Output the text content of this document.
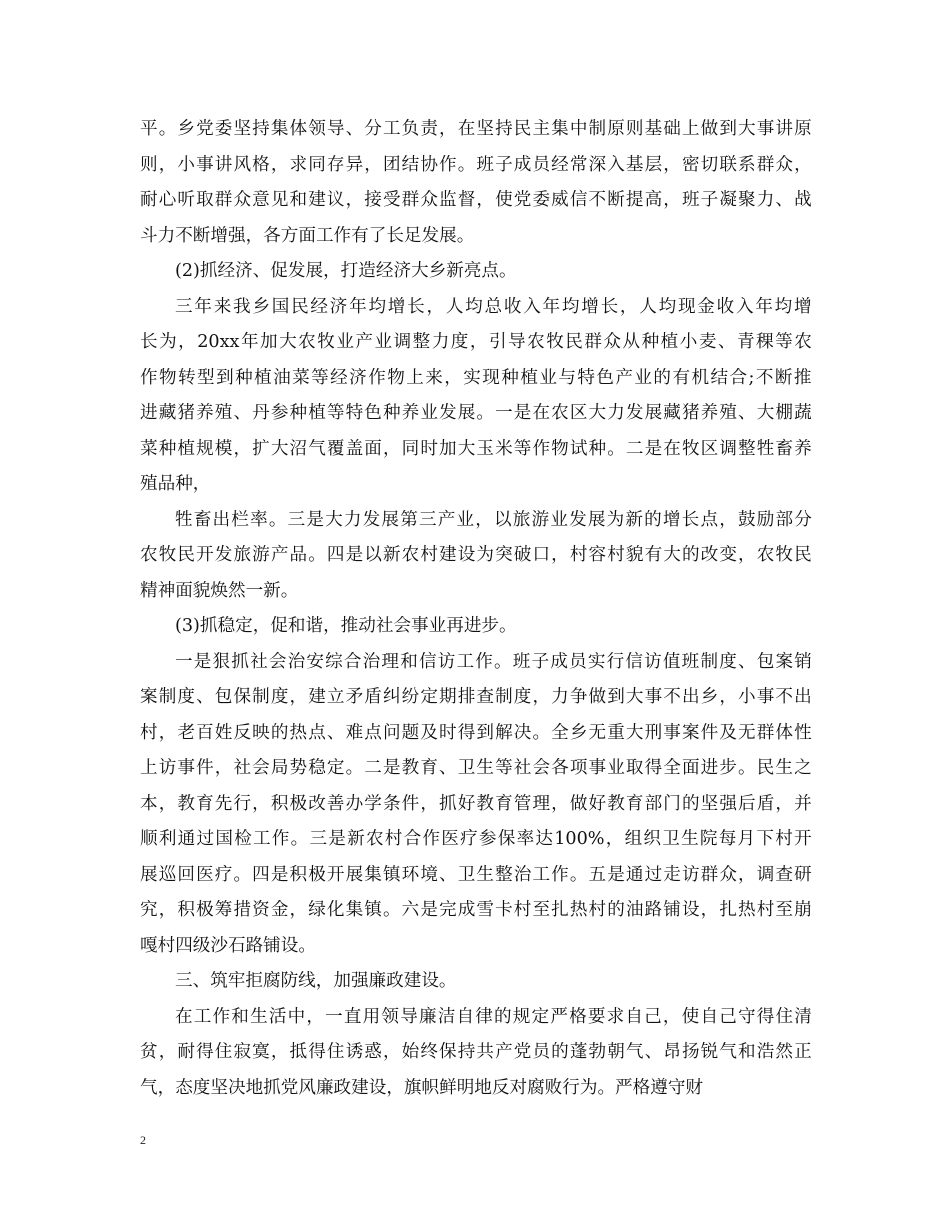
平 。 乡 党 委 坚 持 集 体 领 导 、 分 工 负 责 ， 在 坚 持 民 主 集 中 制 原 则 基 础 上 做 到 大 事 讲 原
则 ， 小 事 讲 风 格 ， 求 同 存 异 ， 团 结 协 作 。 班 子 成 员 经 常 深 入 基 层 ， 密 切 联 系 群 众 ，
耐 心 听 取 群 众 意 见 和 建 议 ， 接 受 群 众 监 督 ， 使 党 委 威 信 不 断 提 高 ， 班 子 凝 聚 力 、 战
斗力不断增强，各方面工作有了长足发展。
(2)抓经济、促发展，打造经济大乡新亮点。
三 年 来 我 乡 国 民 经 济 年 均 增 长 ， 人 均 总 收 入 年 均 增 长 ， 人 均 现 金 收 入 年 均 增
长 为 ， 20xx 年 加 大 农 牧 业 产 业 调 整 力 度 ， 引 导 农 牧 民 群 众 从 种 植 小 麦 、 青 稞 等 农
作 物 转 型 到 种 植 油 菜 等 经 济 作 物 上 来 ， 实 现 种 植 业 与 特 色 产 业 的 有 机 结 合 ; 不 断 推
进 藏 猪 养 殖 、 丹 参 种 植 等 特 色 种 养 业 发 展 。 一 是 在 农 区 大 力 发 展 藏 猪 养 殖 、 大 棚 蔬
菜 种 植 规 模 ， 扩 大 沼 气 覆 盖 面 ， 同 时 加 大 玉 米 等 作 物 试 种 。 二 是 在 牧 区 调 整 牲 畜 养
殖品种，
牲 畜 出 栏 率 。 三 是 大 力 发 展 第 三 产 业 ， 以 旅 游 业 发 展 为 新 的 增 长 点 ， 鼓 励 部 分
农 牧 民 开 发 旅 游 产 品 。 四 是 以 新 农 村 建 设 为 突 破 口 ， 村 容 村 貌 有 大 的 改 变 ， 农 牧 民
精神面貌焕然一新。
(3)抓稳定，促和谐，推动社会事业再进步。
一 是 狠 抓 社 会 治 安 综 合 治 理 和 信 访 工 作 。 班 子 成 员 实 行 信 访 值 班 制 度 、 包 案 销
案 制 度 、 包 保 制 度 ， 建 立 矛 盾 纠 纷 定 期 排 查 制 度 ， 力 争 做 到 大 事 不 出 乡 ， 小 事 不 出
村 ， 老 百 姓 反 映 的 热 点 、 难 点 问 题 及 时 得 到 解 决 。 全 乡 无 重 大 刑 事 案 件 及 无 群 体 性
上 访 事 件 ， 社 会 局 势 稳 定 。 二 是 教 育 、 卫 生 等 社 会 各 项 事 业 取 得 全 面 进 步 。 民 生 之
本 ， 教 育 先 行 ， 积 极 改 善 办 学 条 件 ， 抓 好 教 育 管 理 ， 做 好 教 育 部 门 的 坚 强 后 盾 ， 并
顺 利 通 过 国 检 工 作 。 三 是 新 农 村 合 作 医 疗 参 保 率 达 100% ， 组 织 卫 生 院 每 月 下 村 开
展 巡 回 医 疗 。 四 是 积 极 开 展 集 镇 环 境 、 卫 生 整 治 工 作 。 五 是 通 过 走 访 群 众 ， 调 查 研
究 ， 积 极 筹 措 资 金 ， 绿 化 集 镇 。 六 是 完 成 雪 卡 村 至 扎 热 村 的 油 路 铺 设 ， 扎 热 村 至 崩
嘎村四级沙石路铺设。
三、筑牢拒腐防线，加强廉政建设。
在 工 作 和 生 活 中 ， 一 直 用 领 导 廉 洁 自 律 的 规 定 严 格 要 求 自 己 ， 使 自 己 守 得 住 清
贫 ， 耐 得 住 寂 寞 ， 抵 得 住 诱 惑 ， 始 终 保 持 共 产 党 员 的 蓬 勃 朝 气 、 昂 扬 锐 气 和 浩 然 正
气，态度坚决地抓党风廉政建设，旗帜鲜明地反对腐败行为。严格遵守财
2
